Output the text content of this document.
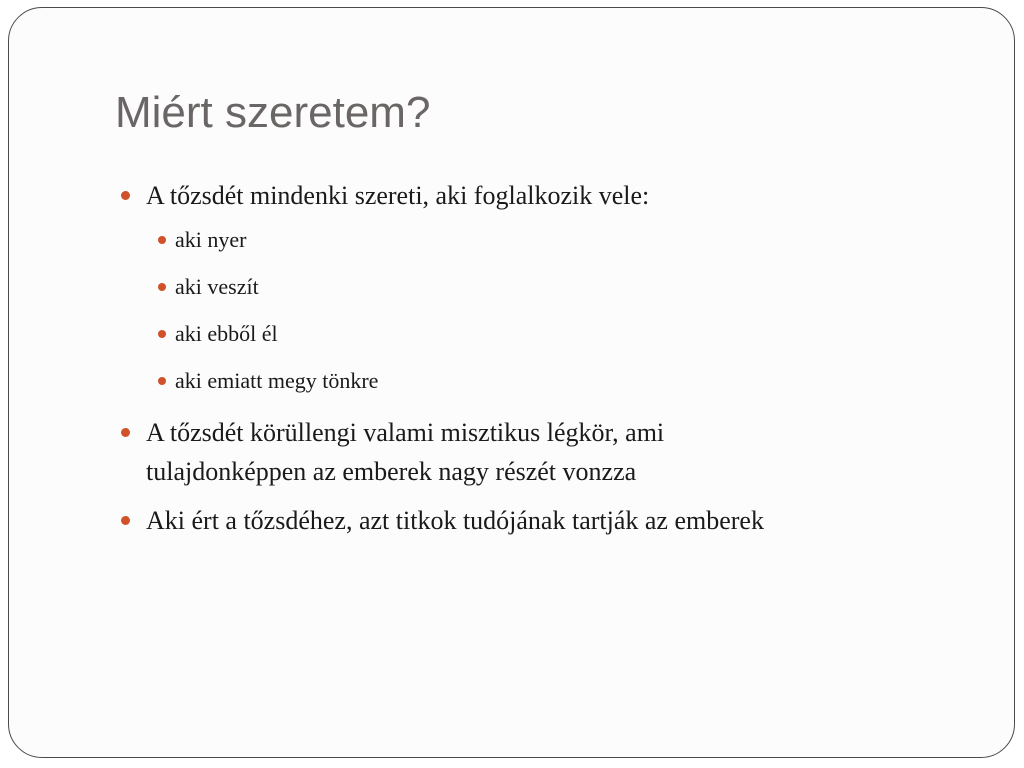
Miért szeretem?
A tőzsdét mindenki szereti, aki foglalkozik vele:
aki nyer
aki veszít
aki ebből él
aki emiatt megy tönkre
A tőzsdét körüllengi valami misztikus légkör, ami
tulajdonképpen az emberek nagy részét vonzza
Aki ért a tőzsdéhez, azt titkok tudójának tartják az emberek
